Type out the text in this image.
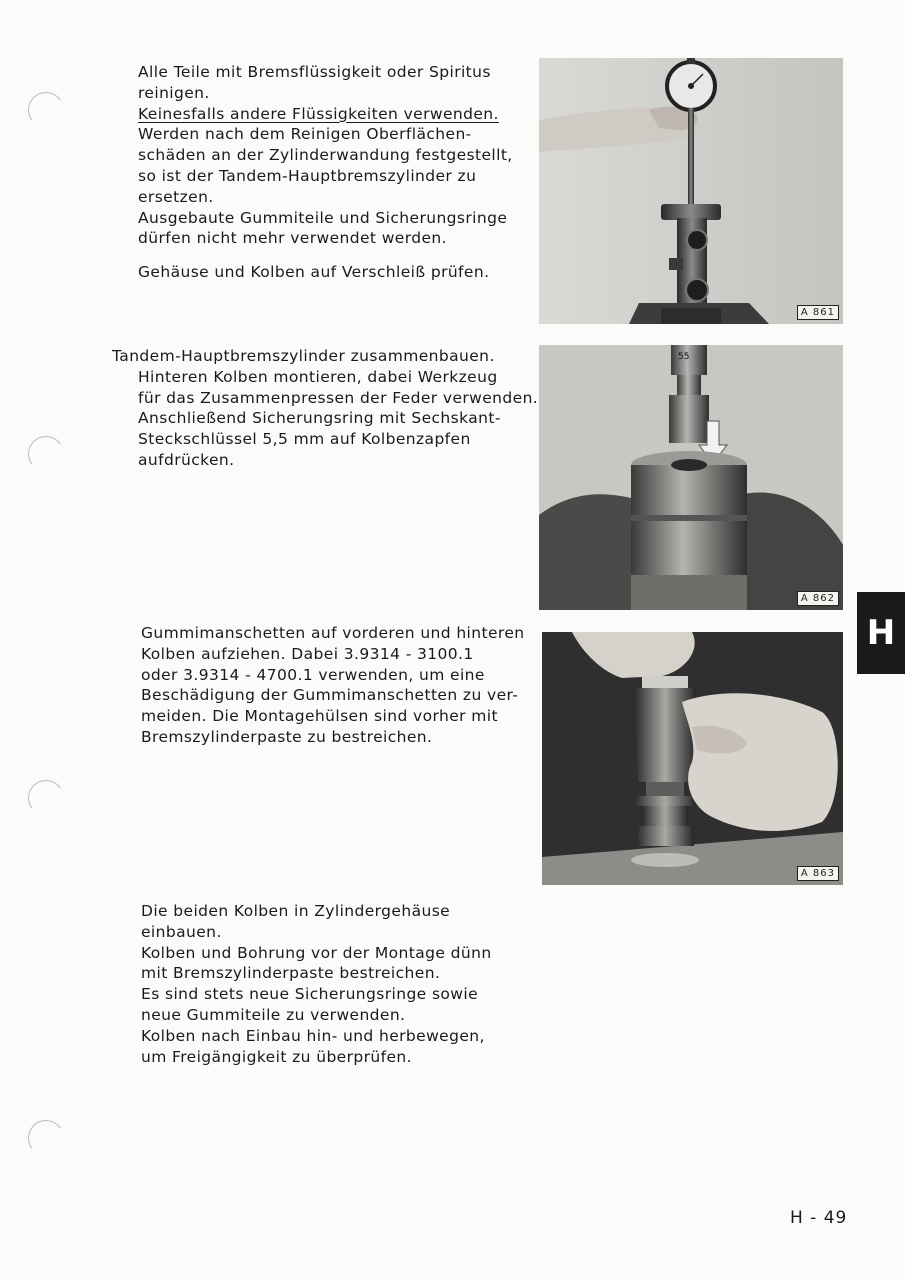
Alle Teile mit Bremsflüssigkeit oder Spiritus
reinigen.
Keinesfalls andere Flüssigkeiten verwenden.
Werden nach dem Reinigen Oberflächen-
schäden an der Zylinderwandung festgestellt,
so ist der Tandem-Hauptbremszylinder zu
ersetzen.
Ausgebaute Gummiteile und Sicherungsringe
dürfen nicht mehr verwendet werden.
Gehäuse und Kolben auf Verschleiß prüfen.
Tandem-Hauptbremszylinder zusammenbauen.
Hinteren Kolben montieren, dabei Werkzeug
für das Zusammenpressen der Feder verwenden.
Anschließend Sicherungsring mit Sechskant-
Steckschlüssel 5,5 mm auf Kolbenzapfen
aufdrücken.
Gummimanschetten auf vorderen und hinteren
Kolben aufziehen. Dabei 3.9314 - 3100.1
oder 3.9314 - 4700.1 verwenden, um eine
Beschädigung der Gummimanschetten zu ver-
meiden. Die Montagehülsen sind vorher mit
Bremszylinderpaste zu bestreichen.
Die beiden Kolben in Zylindergehäuse
einbauen.
Kolben und Bohrung vor der Montage dünn
mit Bremszylinderpaste bestreichen.
Es sind stets neue Sicherungsringe sowie
neue Gummiteile zu verwenden.
Kolben nach Einbau hin- und herbewegen,
um Freigängigkeit zu überprüfen.
A 861
55
A 862
A 863
H
H - 49
